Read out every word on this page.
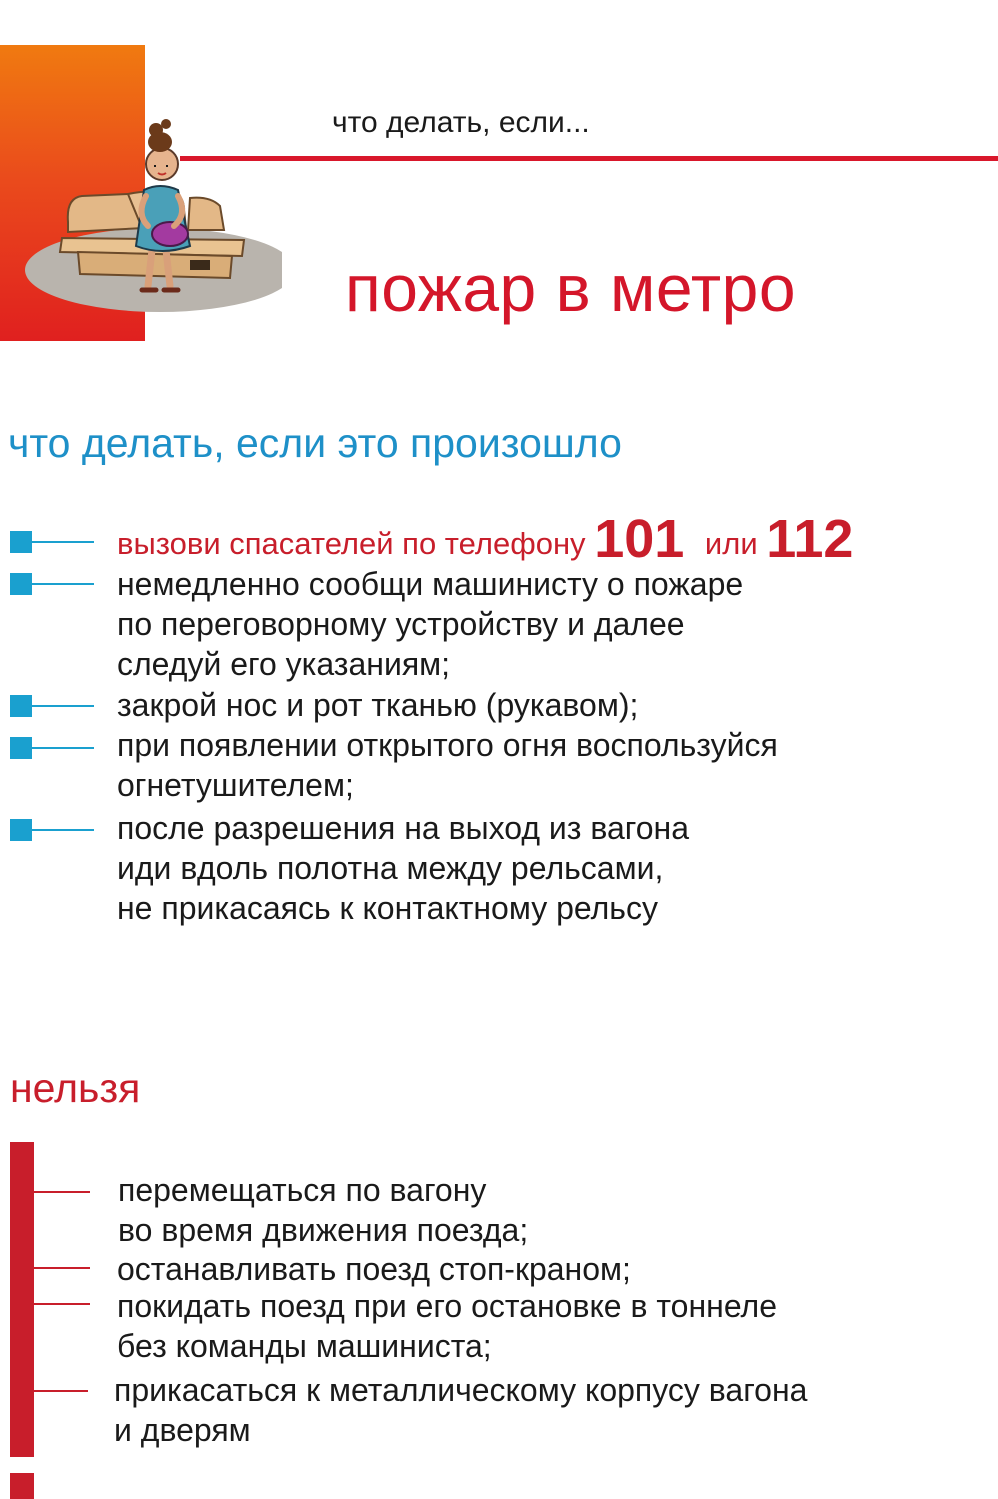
что делать, если...
пожар в метро
что делать, если это произошло
вызови спасателей по телефону 101 или 112
немедленно сообщи машинисту о пожаре
по переговорному устройству и далее
следуй его указаниям;
закрой нос и рот тканью (рукавом);
при появлении открытого огня воспользуйся
огнетушителем;
после разрешения на выход из вагона
иди вдоль полотна между рельсами,
не прикасаясь к контактному рельсу
нельзя
перемещаться по вагону
во время движения поезда;
останавливать поезд стоп-краном;
покидать поезд при его остановке в тоннеле
без команды машиниста;
прикасаться к металлическому корпусу вагона
и дверям
